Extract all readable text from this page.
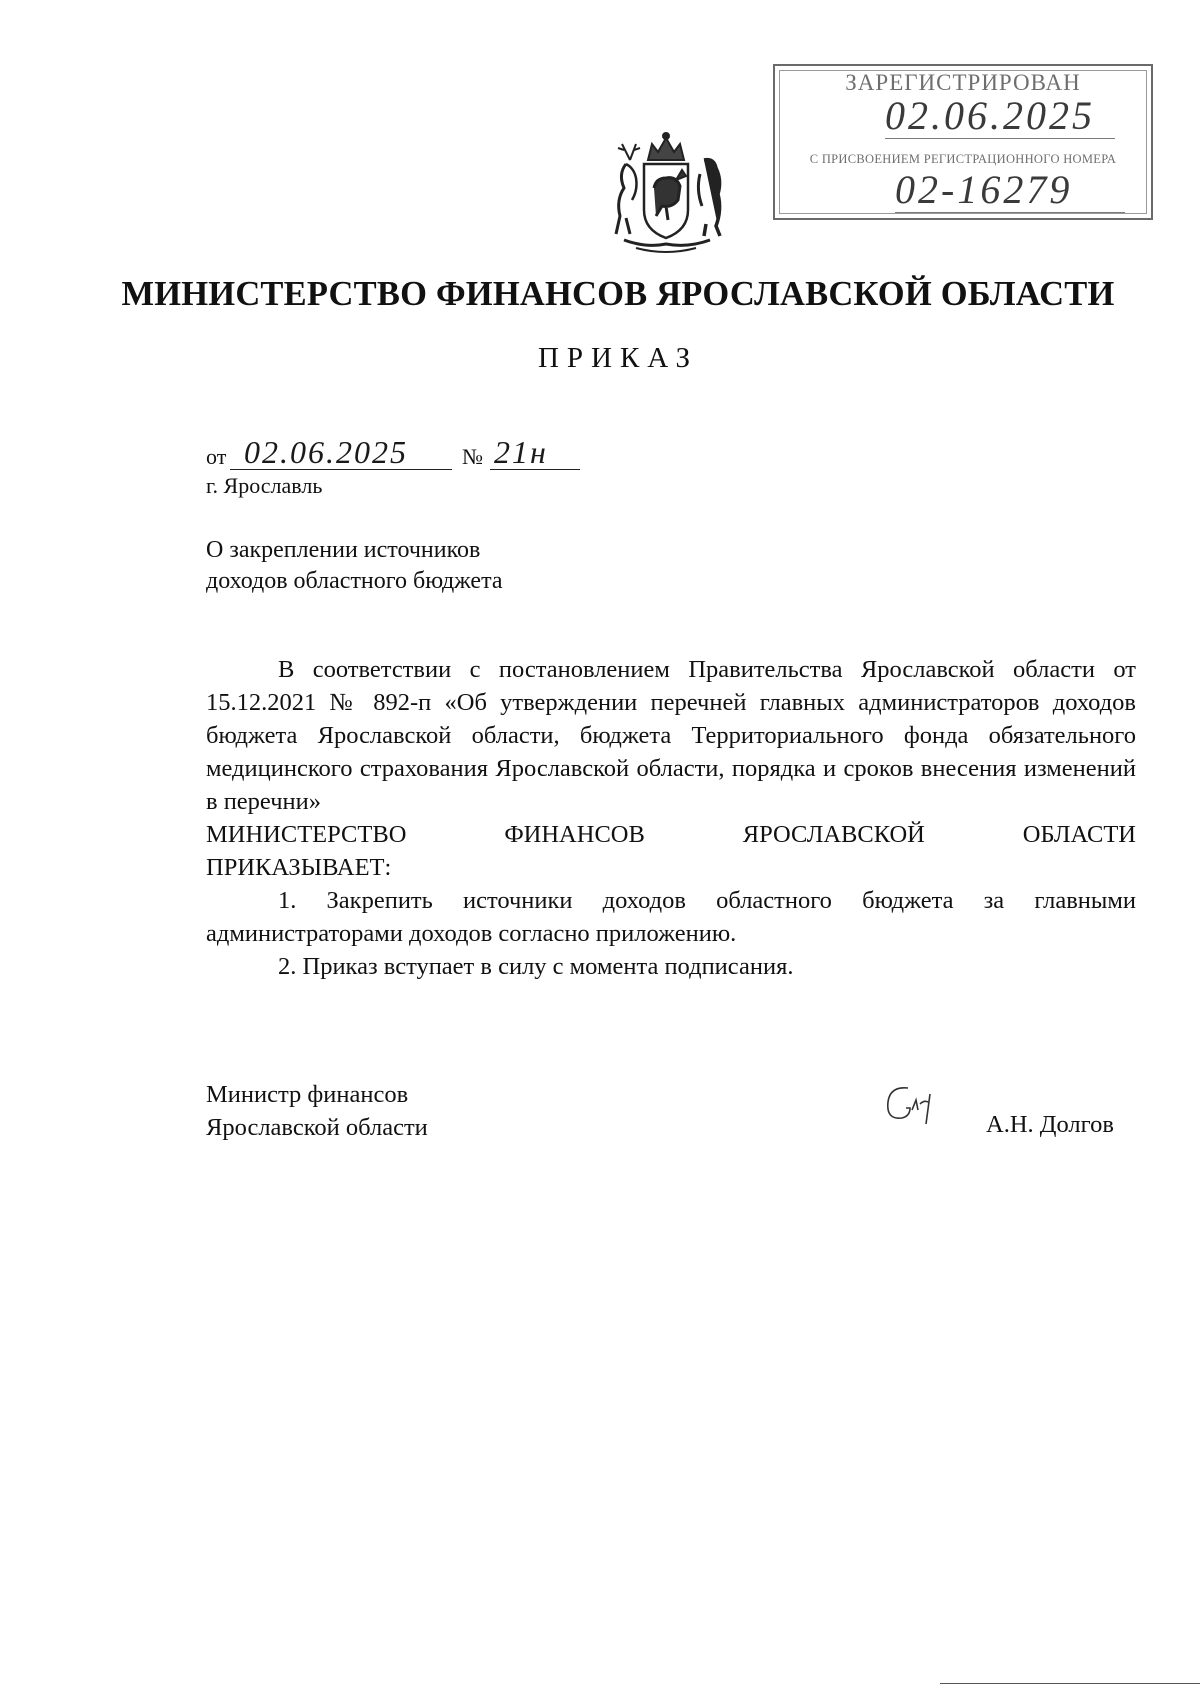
ЗАРЕГИСТРИРОВАН
02.06.2025
С ПРИСВОЕНИЕМ РЕГИСТРАЦИОННОГО НОМЕРА
02-16279
МИНИСТЕРСТВО ФИНАНСОВ ЯРОСЛАВСКОЙ ОБЛАСТИ
ПРИКАЗ
от 02.06.2025	№ 21н
г. Ярославль
О закреплении источников
доходов областного бюджета

В соответствии с постановлением Правительства Ярославской области от 15.12.2021 № 892-п «Об утверждении перечней главных администраторов доходов бюджета Ярославской области, бюджета Территориального фонда обязательного медицинского страхования Ярославской области, порядка и сроков внесения изменений в перечни»

МИНИСТЕРСТВО ФИНАНСОВ ЯРОСЛАВСКОЙ ОБЛАСТИ

ПРИКАЗЫВАЕТ:

1. Закрепить источники доходов областного бюджета за главными администраторами доходов согласно приложению.

2. Приказ вступает в силу с момента подписания.

Министр финансов
Ярославской области	А.Н. Долгов
